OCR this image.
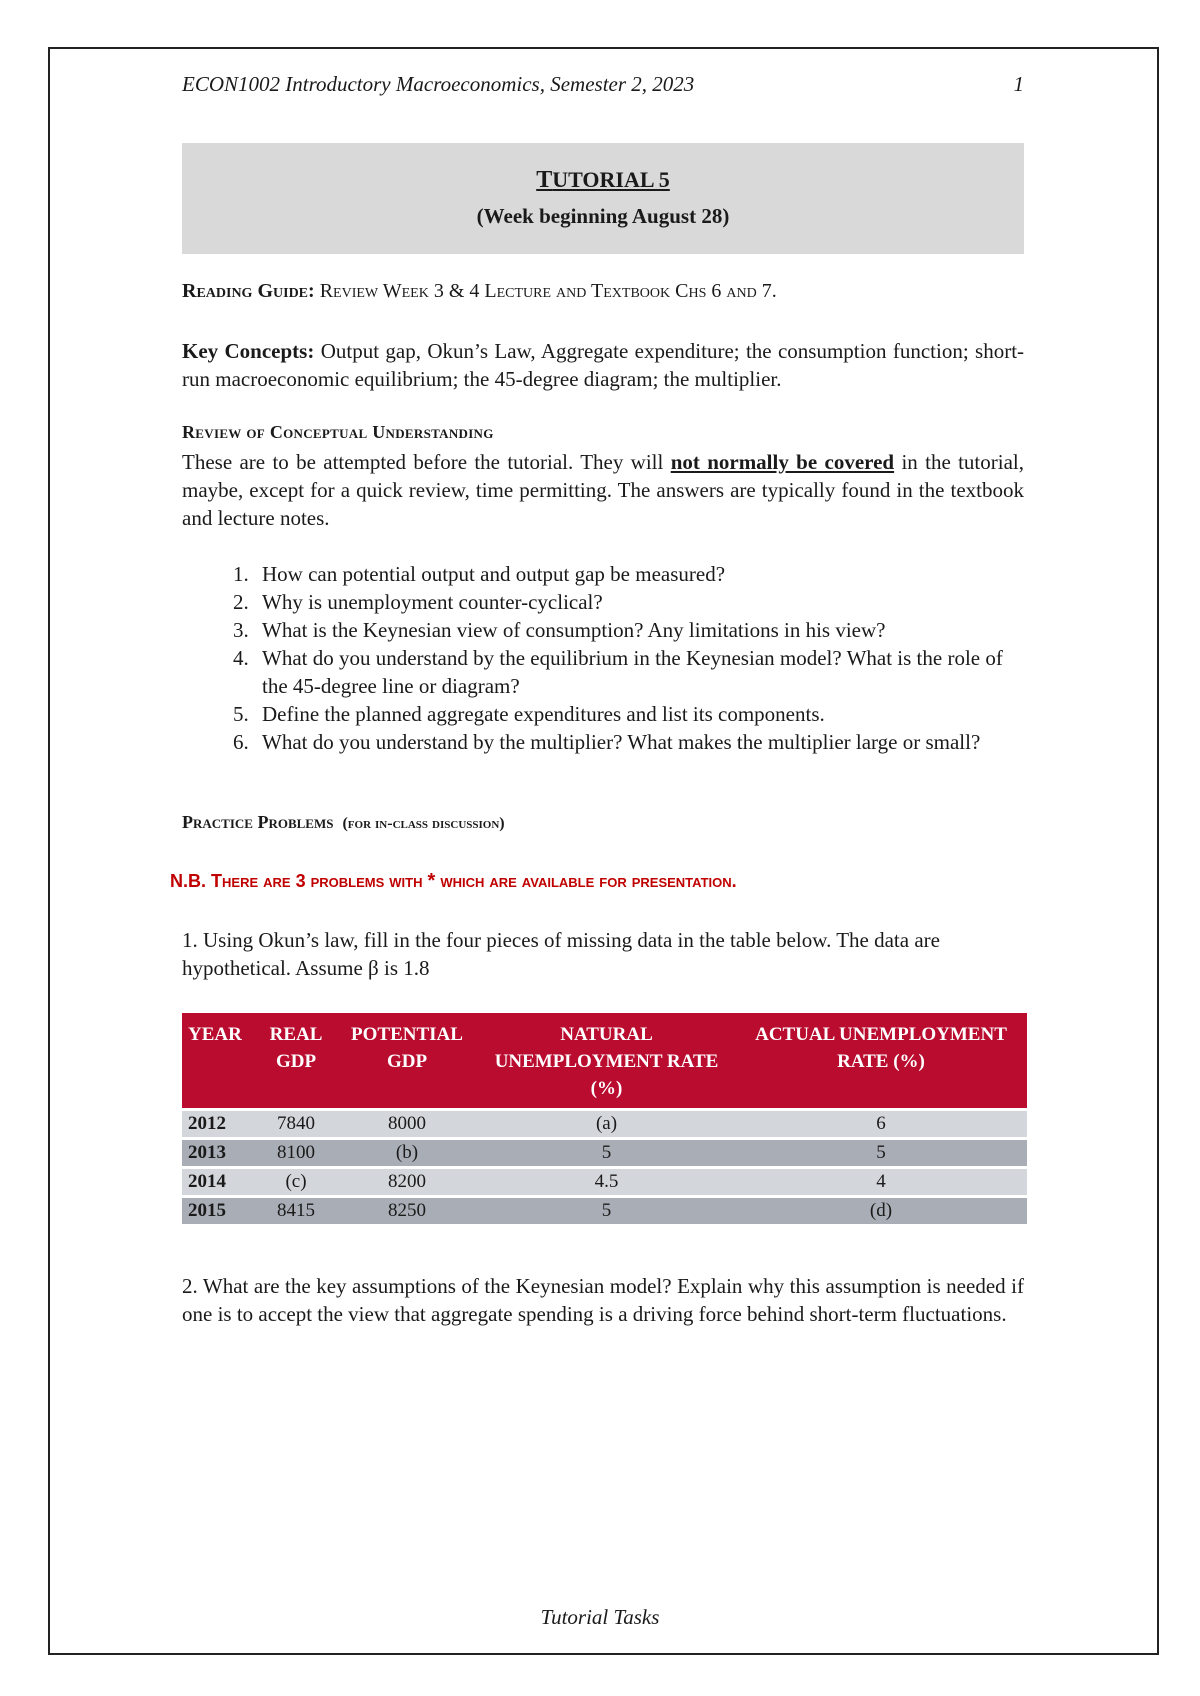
ECON1002 Introductory Macroeconomics, Semester 2, 2023	1
TUTORIAL 5
(Week beginning August 28)
Reading Guide: Review Week 3 & 4 Lecture and Textbook Chs 6 and 7.
Key Concepts: Output gap, Okun’s Law, Aggregate expenditure; the consumption function; short-run macroeconomic equilibrium; the 45-degree diagram; the multiplier.
Review of Conceptual Understanding
These are to be attempted before the tutorial. They will not normally be covered in the tutorial, maybe, except for a quick review, time permitting. The answers are typically found in the textbook and lecture notes.
1. How can potential output and output gap be measured?
2. Why is unemployment counter-cyclical?
3. What is the Keynesian view of consumption? Any limitations in his view?
4. What do you understand by the equilibrium in the Keynesian model? What is the role of the 45-degree line or diagram?
5. Define the planned aggregate expenditures and list its components.
6. What do you understand by the multiplier? What makes the multiplier large or small?
Practice Problems (for in-class discussion)
N.B. There are 3 problems with * which are available for presentation.
1. Using Okun’s law, fill in the four pieces of missing data in the table below. The data are hypothetical. Assume β is 1.8
YEAR	REAL GDP	POTENTIAL GDP	NATURAL UNEMPLOYMENT RATE (%)	ACTUAL UNEMPLOYMENT RATE (%)
2012	7840	8000	(a)	6
2013	8100	(b)	5	5
2014	(c)	8200	4.5	4
2015	8415	8250	5	(d)
2. What are the key assumptions of the Keynesian model? Explain why this assumption is needed if one is to accept the view that aggregate spending is a driving force behind short-term fluctuations.
Tutorial Tasks
